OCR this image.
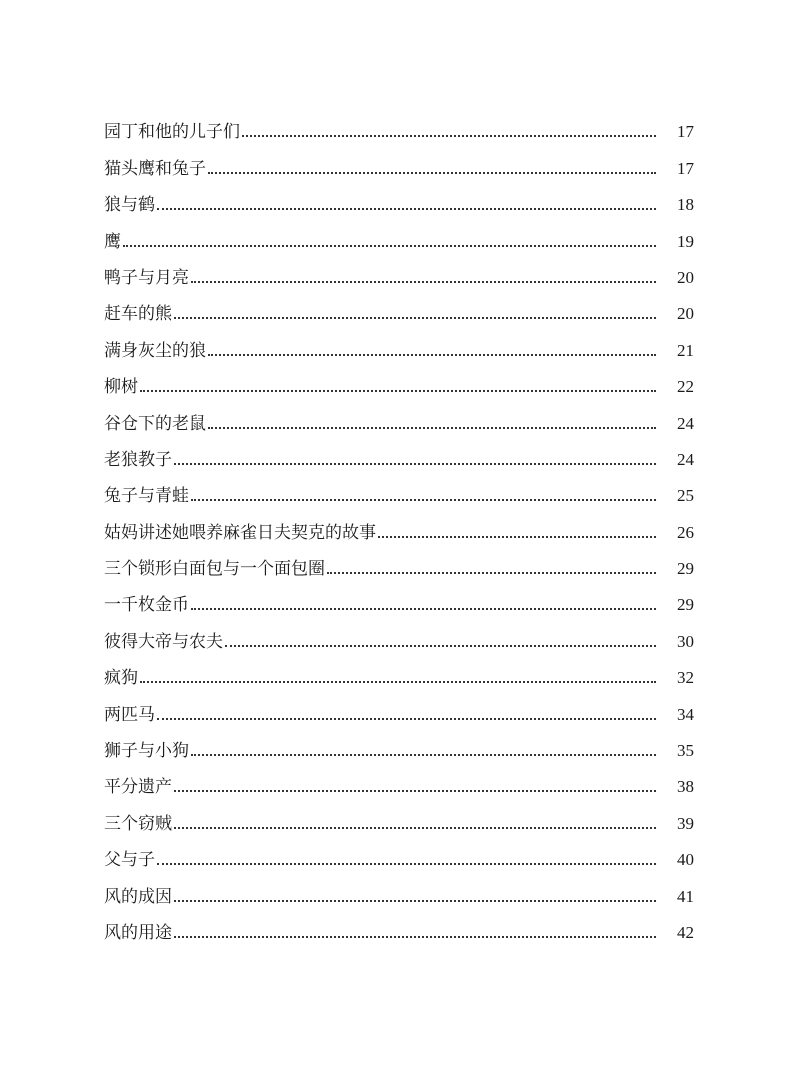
园丁和他的儿子们	17
猫头鹰和兔子	17
狼与鹤	18
鹰	19
鸭子与月亮	20
赶车的熊	20
满身灰尘的狼	21
柳树	22
谷仓下的老鼠	24
老狼教子	24
兔子与青蛙	25
姑妈讲述她喂养麻雀日夫契克的故事	26
三个锁形白面包与一个面包圈	29
一千枚金币	29
彼得大帝与农夫	30
疯狗	32
两匹马	34
狮子与小狗	35
平分遗产	38
三个窃贼	39
父与子	40
风的成因	41
风的用途	42
